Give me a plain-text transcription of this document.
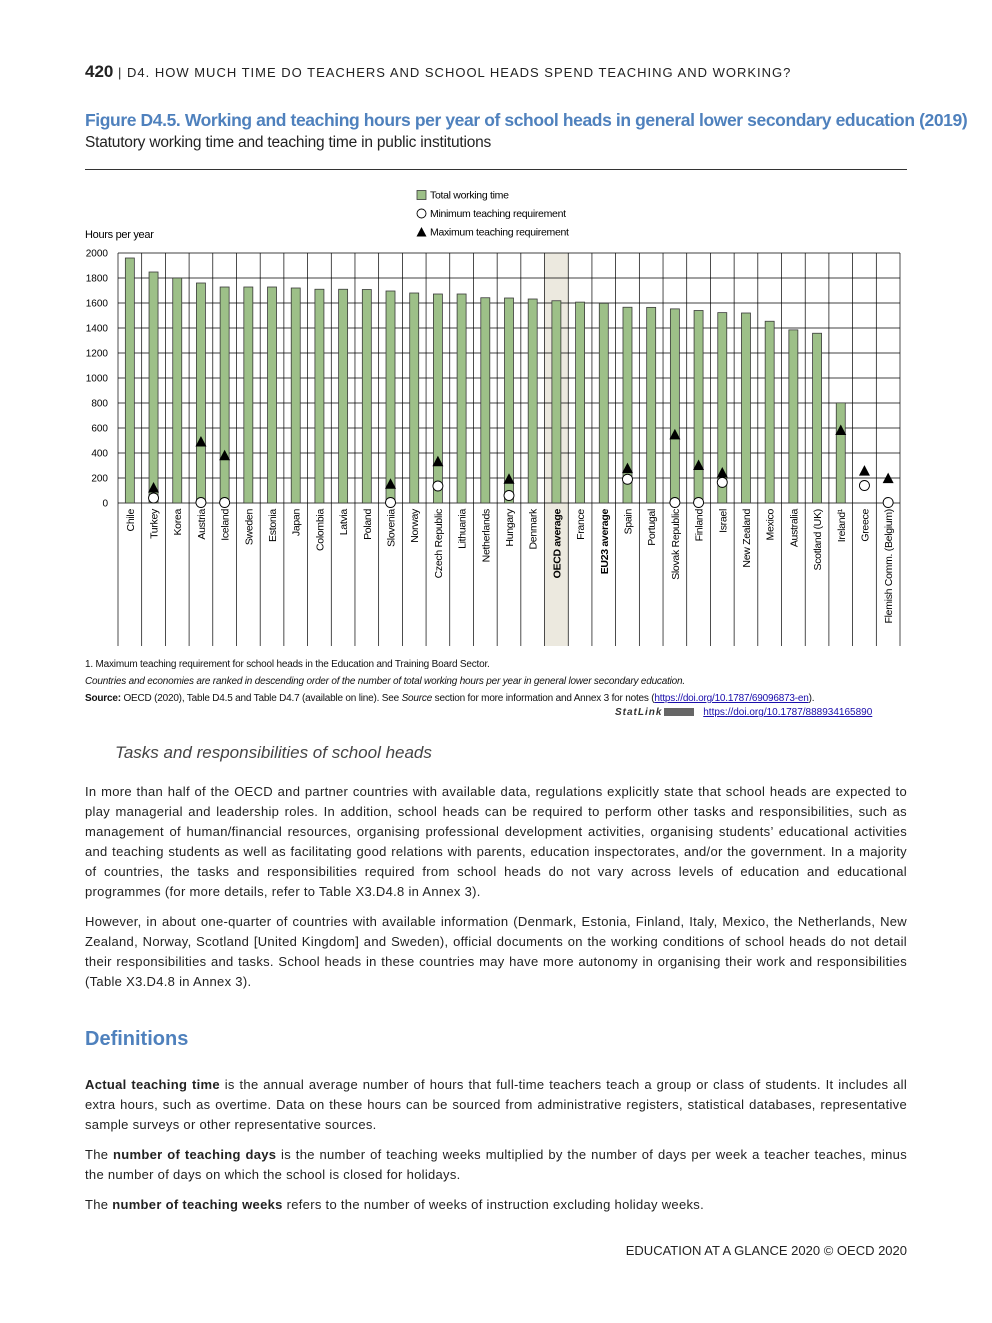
420 | D4. HOW MUCH TIME DO TEACHERS AND SCHOOL HEADS SPEND TEACHING AND WORKING?
Figure D4.5. Working and teaching hours per year of school heads in general lower secondary education (2019)
Statutory working time and teaching time in public institutions
Total working time
Minimum teaching requirement
Maximum teaching requirement
0
200
400
600
800
1000
1200
1400
1600
1800
2000
Hours per year
Chile Turkey Korea Austria Iceland Sweden Estonia Japan Colombia Latvia Poland Slovenia Norway Czech Republic Lithuania Netherlands Hungary Denmark OECD average France EU23 average Spain Portugal Slovak Republic Finland Israel New Zealand Mexico Australia Scotland (UK) Ireland¹ Greece Flemish Comm. (Belgium)
1. Maximum teaching requirement for school heads in the Education and Training Board Sector.
Countries and economies are ranked in descending order of the number of total working hours per year in general lower secondary education.
Source: OECD (2020), Table D4.5 and Table D4.7 (available on line). See Source section for more information and Annex 3 for notes (https://doi.org/10.1787/69096873-en).
StatLink	https://doi.org/10.1787/888934165890
Tasks and responsibilities of school heads
In more than half of the OECD and partner countries with available data, regulations explicitly state that school heads are expected to play managerial and leadership roles. In addition, school heads can be required to perform other tasks and responsibilities, such as management of human/financial resources, organising professional development activities, organising students’ educational activities and teaching students as well as facilitating good relations with parents, education inspectorates, and/or the government. In a majority of countries, the tasks and responsibilities required from school heads do not vary across levels of education and educational programmes (for more details, refer to Table X3.D4.8 in Annex 3).
However, in about one-quarter of countries with available information (Denmark, Estonia, Finland, Italy, Mexico, the Netherlands, New Zealand, Norway, Scotland [United Kingdom] and Sweden), official documents on the working conditions of school heads do not detail their responsibilities and tasks. School heads in these countries may have more autonomy in organising their work and responsibilities (Table X3.D4.8 in Annex 3).
Definitions
Actual teaching time is the annual average number of hours that full-time teachers teach a group or class of students. It includes all extra hours, such as overtime. Data on these hours can be sourced from administrative registers, statistical databases, representative sample surveys or other representative sources.
The number of teaching days is the number of teaching weeks multiplied by the number of days per week a teacher teaches, minus the number of days on which the school is closed for holidays.
The number of teaching weeks refers to the number of weeks of instruction excluding holiday weeks.
EDUCATION AT A GLANCE 2020 © OECD 2020
